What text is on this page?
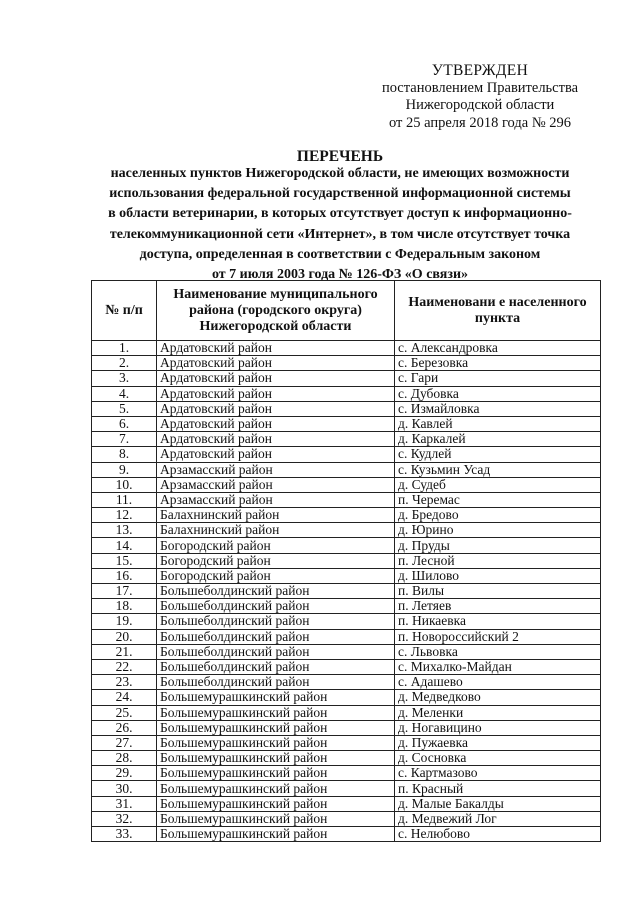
УТВЕРЖДЕН
постановлением Правительства
Нижегородской области
от 25 апреля 2018 года № 296
ПЕРЕЧЕНЬ
населенных пунктов Нижегородской области, не имеющих возможности
использования федеральной государственной информационной системы
в области ветеринарии, в которых отсутствует доступ к информационно-
телекоммуникационной сети «Интернет», в том числе отсутствует точка
доступа, определенная в соответствии с Федеральным законом
от 7 июля 2003 года № 126-ФЗ «О связи»
№ п/п	Наименование муниципального района (городского округа) Нижегородской области	Наименовани е населенного пункта
1.	Ардатовский район	с. Александровка
2.	Ардатовский район	с. Березовка
3.	Ардатовский район	с. Гари
4.	Ардатовский район	с. Дубовка
5.	Ардатовский район	с. Измайловка
6.	Ардатовский район	д. Кавлей
7.	Ардатовский район	д. Каркалей
8.	Ардатовский район	с. Кудлей
9.	Арзамасский район	с. Кузьмин Усад
10.	Арзамасский район	д. Судеб
11.	Арзамасский район	п. Черемас
12.	Балахнинский район	д. Бредово
13.	Балахнинский район	д. Юрино
14.	Богородский район	д. Пруды
15.	Богородский район	п. Лесной
16.	Богородский район	д. Шилово
17.	Большеболдинский район	п. Вилы
18.	Большеболдинский район	п. Летяев
19.	Большеболдинский район	п. Никаевка
20.	Большеболдинский район	п. Новороссийский 2
21.	Большеболдинский район	с. Львовка
22.	Большеболдинский район	с. Михалко-Майдан
23.	Большеболдинский район	с. Адашево
24.	Большемурашкинский район	д. Медведково
25.	Большемурашкинский район	д. Меленки
26.	Большемурашкинский район	д. Ногавицино
27.	Большемурашкинский район	д. Пужаевка
28.	Большемурашкинский район	д. Сосновка
29.	Большемурашкинский район	с. Картмазово
30.	Большемурашкинский район	п. Красный
31.	Большемурашкинский район	д. Малые Бакалды
32.	Большемурашкинский район	д. Медвежий Лог
33.	Большемурашкинский район	с. Нелюбово
